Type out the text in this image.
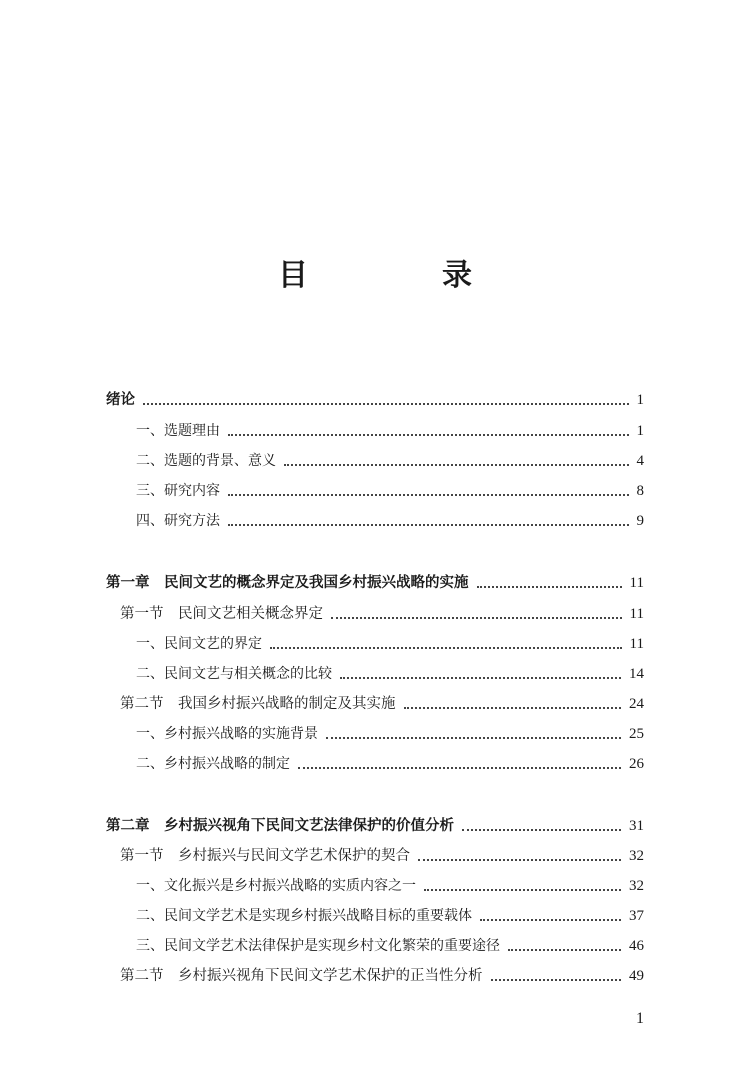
目　录
绪论	1
一、选题理由	1
二、选题的背景、意义	4
三、研究内容	8
四、研究方法	9
第一章　民间文艺的概念界定及我国乡村振兴战略的实施	11
第一节　民间文艺相关概念界定	11
一、民间文艺的界定	11
二、民间文艺与相关概念的比较	14
第二节　我国乡村振兴战略的制定及其实施	24
一、乡村振兴战略的实施背景	25
二、乡村振兴战略的制定	26
第二章　乡村振兴视角下民间文艺法律保护的价值分析	31
第一节　乡村振兴与民间文学艺术保护的契合	32
一、文化振兴是乡村振兴战略的实质内容之一	32
二、民间文学艺术是实现乡村振兴战略目标的重要载体	37
三、民间文学艺术法律保护是实现乡村文化繁荣的重要途径	46
第二节　乡村振兴视角下民间文学艺术保护的正当性分析	49
1
